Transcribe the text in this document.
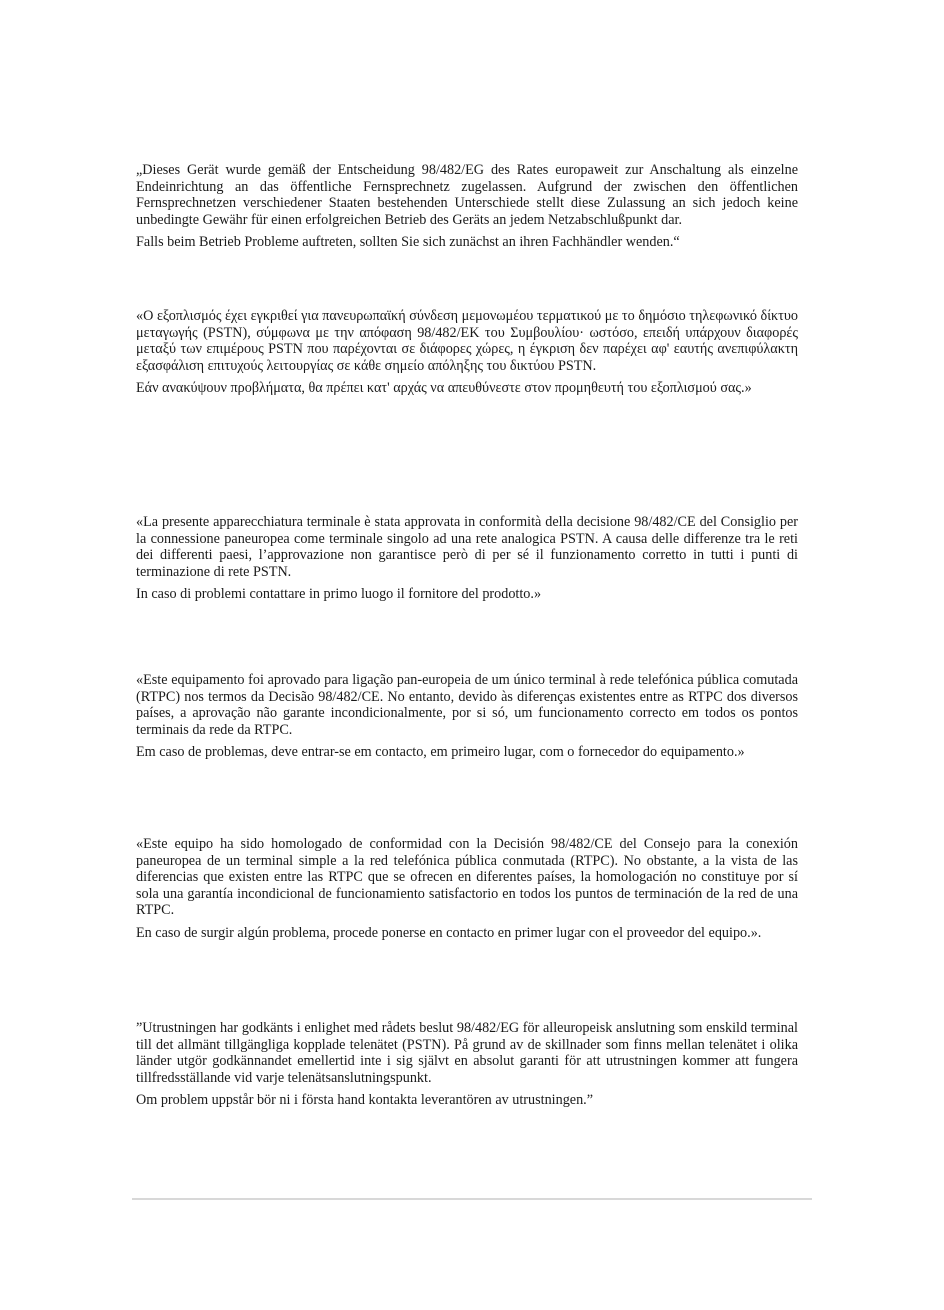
„Dieses Gerät wurde gemäß der Entscheidung 98/482/EG des Rates europaweit zur Anschaltung als einzelne Endeinrichtung an das öffentliche Fernsprechnetz zugelassen. Aufgrund der zwischen den öffentlichen Fernsprechnetzen verschiedener Staaten bestehenden Unterschiede stellt diese Zulassung an sich jedoch keine unbedingte Gewähr für einen erfolgreichen Betrieb des Geräts an jedem Netzabschlußpunkt dar.

Falls beim Betrieb Probleme auftreten, sollten Sie sich zunächst an ihren Fachhändler wenden.“

«Ο εξοπλισμός έχει εγκριθεί για πανευρωπαϊκή σύνδεση μεμονωμέου τερματικού με το δημόσιο τηλεφωνικό δίκτυο μεταγωγής (PSTN), σύμφωνα με την απόφαση 98/482/ΕΚ του Συμβουλίου· ωστόσο, επειδή υπάρχουν διαφορές μεταξύ των επιμέρους PSTN που παρέχονται σε διάφορες χώρες, η έγκριση δεν παρέχει αφ' εαυτής ανεπιφύλακτη εξασφάλιση επιτυχούς λειτουργίας σε κάθε σημείο απόληξης του δικτύου PSTN.

Εάν ανακύψουν προβλήματα, θα πρέπει κατ' αρχάς να απευθύνεστε στον προμηθευτή του εξοπλισμού σας.»

«La presente apparecchiatura terminale è stata approvata in conformità della decisione 98/482/CE del Consiglio per la connessione paneuropea come terminale singolo ad una rete analogica PSTN. A causa delle differenze tra le reti dei differenti paesi, l’approvazione non garantisce però di per sé il funzionamento corretto in tutti i punti di terminazione di rete PSTN.

In caso di problemi contattare in primo luogo il fornitore del prodotto.»

«Este equipamento foi aprovado para ligação pan-europeia de um único terminal à rede telefónica pública comutada (RTPC) nos termos da Decisão 98/482/CE. No entanto, devido às diferenças existentes entre as RTPC dos diversos países, a aprovação não garante incondicionalmente, por si só, um funcionamento correcto em todos os pontos terminais da rede da RTPC.

Em caso de problemas, deve entrar-se em contacto, em primeiro lugar, com o fornecedor do equipamento.»

«Este equipo ha sido homologado de conformidad con la Decisión 98/482/CE del Consejo para la conexión paneuropea de un terminal simple a la red telefónica pública conmutada (RTPC). No obstante, a la vista de las diferencias que existen entre las RTPC que se ofrecen en diferentes países, la homologación no constituye por sí sola una garantía incondicional de funcionamiento satisfactorio en todos los puntos de terminación de la red de una RTPC.

En caso de surgir algún problema, procede ponerse en contacto en primer lugar con el proveedor del equipo.».

”Utrustningen har godkänts i enlighet med rådets beslut 98/482/EG för alleuropeisk anslutning som enskild terminal till det allmänt tillgängliga kopplade telenätet (PSTN). På grund av de skillnader som finns mellan telenätet i olika länder utgör godkännandet emellertid inte i sig självt en absolut garanti för att utrustningen kommer att fungera tillfredsställande vid varje telenätsanslutningspunkt.

Om problem uppstår bör ni i första hand kontakta leverantören av utrustningen.”
